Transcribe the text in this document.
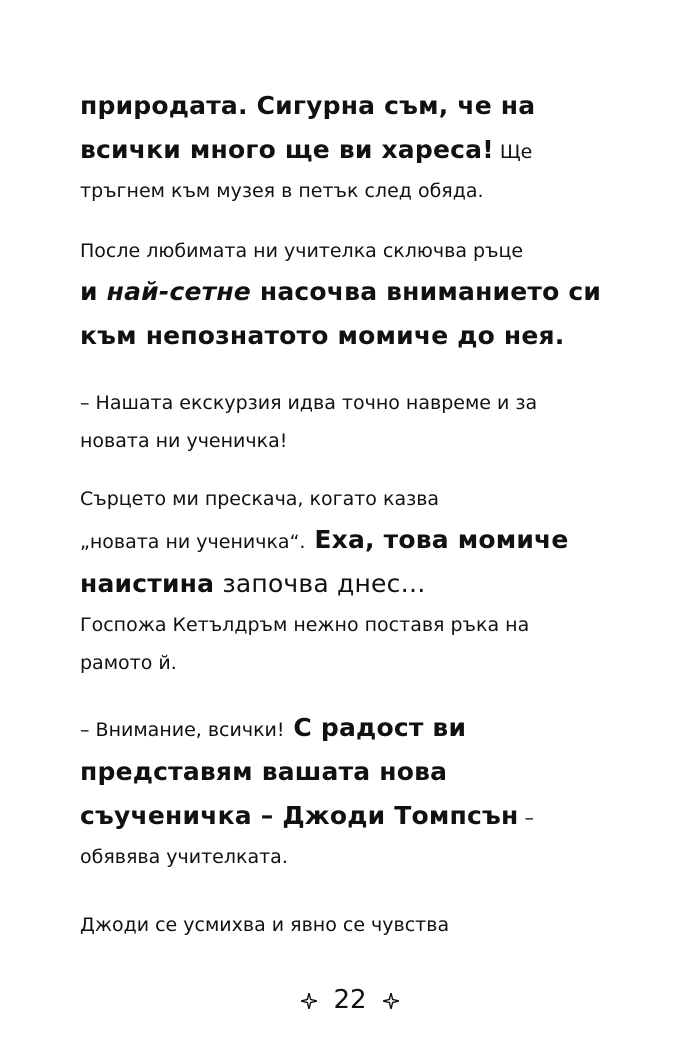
природата. Сигурна съм, че на
всички много ще ви хареса! Ще
тръгнем към музея в петък след обяда.
После любимата ни учителка сключва ръце
и най-сетне насочва вниманието си
към непознатото момиче до нея.
– Нашата екскурзия идва точно навреме и за
новата ни ученичка!
Сърцето ми прескача, когато казва
„новата ни ученичка“. Еха, това момиче
наистина започва днес…
Госпожа Кетълдръм нежно поставя ръка на
рамото й.
– Внимание, всички! С радост ви
представям вашата нова
съученичка – Джоди Томпсън –
обявява учителката.
Джоди се усмихва и явно се чувства
22
